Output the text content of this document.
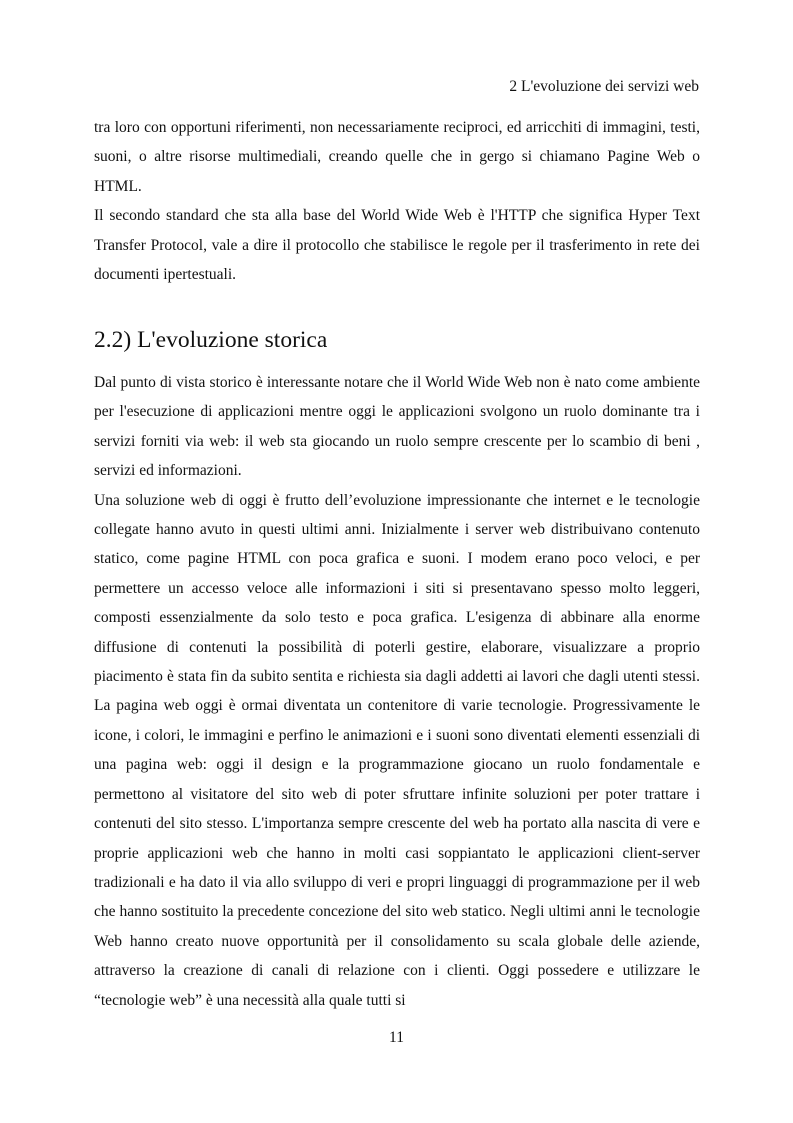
2 L'evoluzione dei servizi web

tra loro con opportuni riferimenti, non necessariamente reciproci, ed arricchiti di immagini, testi, suoni, o altre risorse multimediali, creando quelle che in gergo si chiamano Pagine Web o HTML.

Il secondo standard che sta alla base del World Wide Web è l'HTTP che significa Hyper Text Transfer Protocol, vale a dire il protocollo che stabilisce le regole per il trasferimento in rete dei documenti ipertestuali.

2.2) L'evoluzione storica

Dal punto di vista storico è interessante notare che il World Wide Web non è nato come ambiente per l'esecuzione di applicazioni mentre oggi le applicazioni svolgono un ruolo dominante tra i servizi forniti via web: il web sta giocando un ruolo sempre crescente per lo scambio di beni , servizi ed informazioni.

Una soluzione web di oggi è frutto dell’evoluzione impressionante che internet e le tecnologie collegate hanno avuto in questi ultimi anni. Inizialmente i server web distribuivano contenuto statico, come pagine HTML con poca grafica e suoni. I modem erano poco veloci, e per permettere un accesso veloce alle informazioni i siti si presentavano spesso molto leggeri, composti essenzialmente da solo testo e poca grafica. L'esigenza di abbinare alla enorme diffusione di contenuti la possibilità di poterli gestire, elaborare, visualizzare a proprio piacimento è stata fin da subito sentita e richiesta sia dagli addetti ai lavori che dagli utenti stessi. La pagina web oggi è ormai diventata un contenitore di varie tecnologie. Progressivamente le icone, i colori, le immagini e perfino le animazioni e i suoni sono diventati elementi essenziali di una pagina web: oggi il design e la programmazione giocano un ruolo fondamentale e permettono al visitatore del sito web di poter sfruttare infinite soluzioni per poter trattare i contenuti del sito stesso. L'importanza sempre crescente del web ha portato alla nascita di vere e proprie applicazioni web che hanno in molti casi soppiantato le applicazioni client-server tradizionali e ha dato il via allo sviluppo di veri e propri linguaggi di programmazione per il web che hanno sostituito la precedente concezione del sito web statico. Negli ultimi anni le tecnologie Web hanno creato nuove opportunità per il consolidamento su scala globale delle aziende, attraverso la creazione di canali di relazione con i clienti. Oggi possedere e utilizzare le “tecnologie web” è una necessità alla quale tutti si

11
